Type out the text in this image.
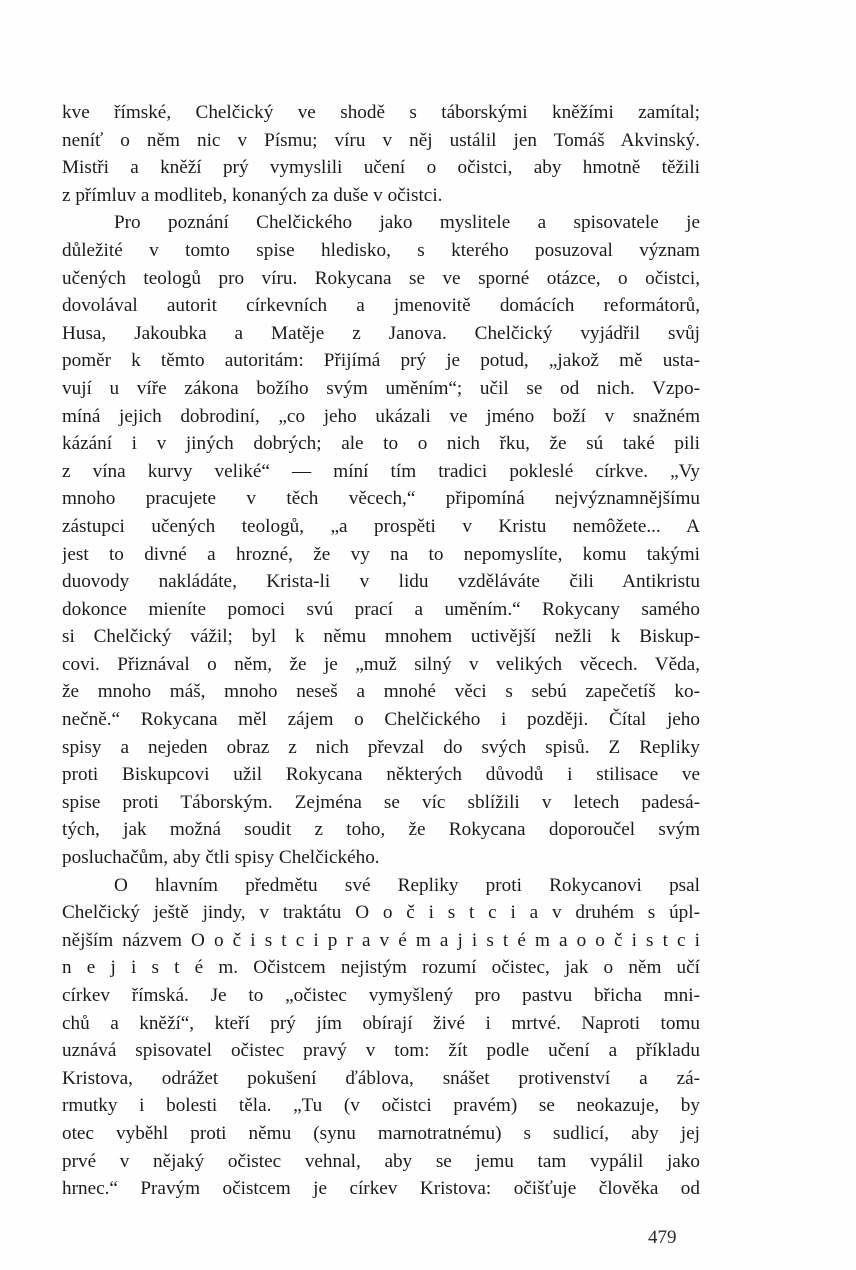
kve římské, Chelčický ve shodě s táborskými kněžími zamítal;
neníť o něm nic v Písmu; víru v něj ustálil jen Tomáš Akvinský.
Mistři a kněží prý vymyslili učení o očistci, aby hmotně těžili
z přímluv a modliteb, konaných za duše v očistci.
Pro poznání Chelčického jako myslitele a spisovatele je
důležité v tomto spise hledisko, s kterého posuzoval význam
učených teologů pro víru. Rokycana se ve sporné otázce, o očistci,
dovolával autorit církevních a jmenovitě domácích reformátorů,
Husa, Jakoubka a Matěje z Janova. Chelčický vyjádřil svůj
poměr k těmto autoritám: Přijímá prý je potud, „jakož mě usta-
vují u víře zákona božího svým uměním“; učil se od nich. Vzpo-
míná jejich dobrodiní, „co jeho ukázali ve jméno boží v snažném
kázání i v jiných dobrých; ale to o nich řku, že sú také pili
z vína kurvy veliké“ — míní tím tradici pokleslé církve. „Vy
mnoho pracujete v těch věcech,“ připomíná nejvýznamnějšímu
zástupci učených teologů, „a prospěti v Kristu nemôžete... A
jest to divné a hrozné, že vy na to nepomyslíte, komu takými
duovody nakládáte, Krista-li v lidu vzděláváte čili Antikristu
dokonce mieníte pomoci svú prací a uměním.“ Rokycany samého
si Chelčický vážil; byl k němu mnohem uctivější nežli k Biskup-
covi. Přiznával o něm, že je „muž silný v velikých věcech. Věda,
že mnoho máš, mnoho neseš a mnohé věci s sebú zapečetíš ko-
nečně.“ Rokycana měl zájem o Chelčického i později. Čítal jeho
spisy a nejeden obraz z nich převzal do svých spisů. Z Repliky
proti Biskupcovi užil Rokycana některých důvodů i stilisace ve
spise proti Táborským. Zejména se víc sblížili v letech padesá-
tých, jak možná soudit z toho, že Rokycana doporoučel svým
posluchačům, aby čtli spisy Chelčického.
O hlavním předmětu své Repliky proti Rokycanovi psal
Chelčický ještě jindy, v traktátu O o č i s t c i a v druhém s úpl-
nějším názvem O o č i s t c i p r a v é m a j i s t é m a o o č i s t c i
n e j i s t é m. Očistcem nejistým rozumí očistec, jak o něm učí
církev římská. Je to „očistec vymyšlený pro pastvu břicha mni-
chů a kněží“, kteří prý jím obírají živé i mrtvé. Naproti tomu
uznává spisovatel očistec pravý v tom: žít podle učení a příkladu
Kristova, odrážet pokušení ďáblova, snášet protivenství a zá-
rmutky i bolesti těla. „Tu (v očistci pravém) se neokazuje, by
otec vyběhl proti němu (synu marnotratnému) s sudlicí, aby jej
prvé v nějaký očistec vehnal, aby se jemu tam vypálil jako
hrnec.“ Pravým očistcem je církev Kristova: očišťuje člověka od
479
